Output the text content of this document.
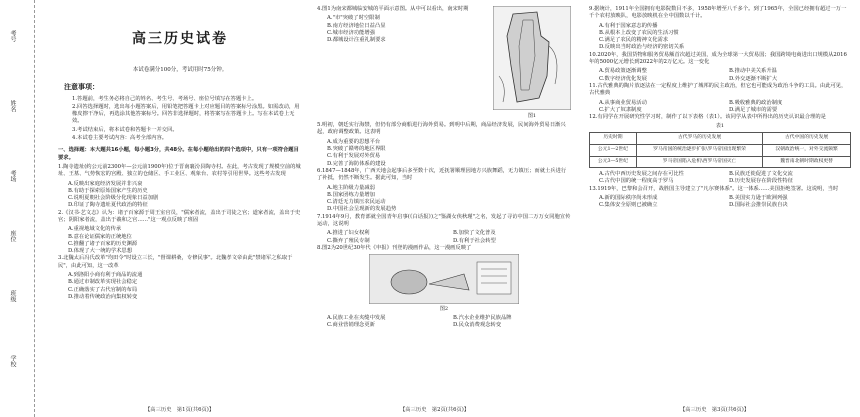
考号
姓名
考场
座位
班级
学校
高三历史试卷
本试卷满分100分，考试用时75分钟。
注意事项：
1.答题前，考生务必将自己的姓名、考生号、考场号、座位号填写在答题卡上。
2.回答选择题时，选出每小题答案后，用铅笔把答题卡上对应题目的答案标号涂黑。如需改动，用橡皮擦干净后，再选涂其他答案标号。回答非选择题时，将答案写在答题卡上。写在本试卷上无效。
3.考试结束后，将本试卷和答题卡一并交回。
4.本试卷主要考试内容：高考全部内容。
一、选择题：本大题共16小题，每小题3分，共48分。在每小题给出的四个选项中，只有一项符合题目要求。
1.陶寺遗址(约公元前2300年—公元前1900年)位于晋南襄汾县陶寺村。在此，考古发现了规模空前的城址、王墓、气势恢宏的宫殿、独立的仓储区、手工业区、观象台、农村等引用世界。这些考古发现
A.反映出家庭经济发展并非兴衰
B.有助于探索原始国家产生的历史
C.说明夏朝社会阶级分化现象日益加剧
D.印证了陶寺遗址夏代政治的特征
2.《汉书·艺文志》认为：诸子百家源于周王室官员，"儒家者流，盖出于司徒之官；道家者流，盖出于史官；阴阳家者流，盖出于羲和之官……"这一观点反映了班固
A.重视地域文化的传承
B.意在论证儒家的正统地位
C.推翻了诸子百家的历史渊源
D.体现了大一统的学术思想
3.北魏太后冯氏改革"均田令"时设立三长，"督课耕桑，专修民事"。北魏孝文帝由此"禁诸军之私取于民"，由此可知，这一改革
A.到洛阳小商有利于商品的流通
B.通过市制改革实现社会稳定
C.正确落实了古代官制的布局
D.推动着传统政治向集权转变
4.图1为南宋都城临安城的平面示意图。从中可以看出，南宋时期
A."市"突破了时空限制
B.南方经济地位日益凸显
C.城市经济功能增强
D.都城设计注重礼制要求
图1
5.明初，朝廷实行海禁，但仍有部分商船进行海外贸易。到明中后期，商品经济发展，民间海外贸易日渐兴起，政府调整政策。这表明
A.成为重要的思想平台
B.突破了赣粤的地区界限
C.有利于发展对外贸易
D.完善了海防体系的建设
6.1847—1848年，广西天地会起事后多至数十次，近抚署顺理因地方兴族舞蹈，无力镇压；而就土兵进行了补抵，仍然不断发生。据此可知，当时
A.地主阶级力量减弱
B.国家团练力量增加
C.清廷无力镇压农民运动
D.中国社会呈现新的发展趋势
7.1914年9月，教育部就全国青年启事(《白话报》)之"鉴湖女侠秋瑾"之名，发起了寻访中国二万万女同胞宣传运动，这说明
A.推进了妇女权利	B.加快了文化普及
C.撕弃了殖民专制	D.有利于社会转型
8.图2为20世纪30年代《申报》刊登的漫画作品，这一漫画反映了
图2
A.民族工业在夹缝中发展	B.汽水企业维护民族品牌
C.商业营销理念更新	D.民众消费观念转变
9.据统计，1911年全国拥有电影院数目不多，1958年增至八千多个。到了1965年，全国已经拥有超过一万一千个农村放映队，电影放映机在全中国数以千计。
A.有利于国家意志的传播
B.从根本上改变了农民的生活习惯
C.满足了农民的精神文化需求
D.反映出当时政治与经济的密切关系
10.2020年，我国货物和服务贸易额首次超过美国，成为全球第一大贸易国；我国跨境电商进出口规模从2016年的5000亿元增长到2022年的2万亿元。这一变化
A.贸易政策逐渐调整	B.推动中美关系升温
C.数字经济优化发展	D.外交逐渐不断扩大
11.古代雅典的陶片放逐法在一定程度上维护了城邦的民主政治，但它也可能成为政治斗争的工具。由此可见，古代雅典
A.从事商业贸易活动	B.吸收雅典的政治制度
C.扩大了奴隶制度	D.满足了城市的需要
12.有同学在开展研究性学习时，制作了以下表格（表1）。该同学从表中所得出的历史认识最合理的是
表1
历史时期	古代罗马的历史发展	古代中国的历史发展
公元1—2世纪	罗马帝国的统治逐步扩张\罗马帝国出现繁荣	汉朝政治统一，对外交流频繁
公元3—5世纪	罗马帝国陷入危机\西罗马帝国灭亡	魏晋南北朝时期政权更替
A.古代中西历史发展之间存在可比性	B.民族迁徙促进了文化交流
C.古代中国的统一程度高于罗马	D.历史发展存在阶段性特征
13.1919年，巴黎和会召开，战胜国主导建立了"凡尔赛体系"。这一体系……美国拒绝签署。这说明，当时
A.新的国际秩序尚未形成	B.美国实力逊于欧洲列强
C.集体安全原则已被确立	D.国际社会推崇民族自决
【高三历史　第1页(共6页)】	【高三历史　第2页(共6页)】	【高三历史　第3页(共6页)】
